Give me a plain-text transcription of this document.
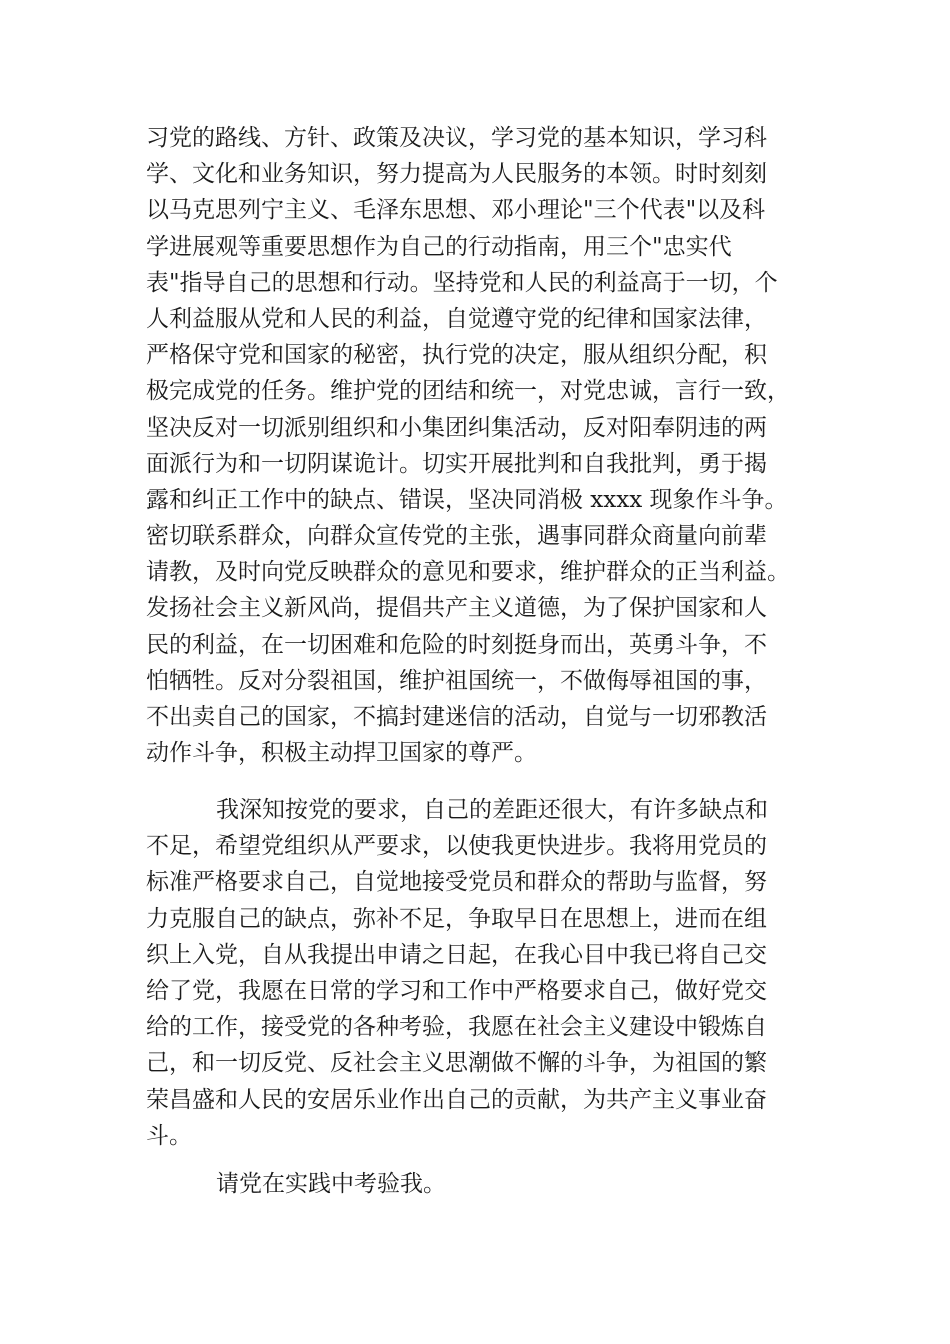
习党的路线、方针、政策及决议，学习党的基本知识，学习科
学、文化和业务知识，努力提高为人民服务的本领。时时刻刻
以马克思列宁主义、毛泽东思想、邓小理论"三个代表"以及科
学进展观等重要思想作为自己的行动指南，用三个"忠实代
表"指导自己的思想和行动。坚持党和人民的利益高于一切，个
人利益服从党和人民的利益，自觉遵守党的纪律和国家法律，
严格保守党和国家的秘密，执行党的决定，服从组织分配，积
极完成党的任务。维护党的团结和统一，对党忠诚，言行一致，
坚决反对一切派别组织和小集团纠集活动，反对阳奉阴违的两
面派行为和一切阴谋诡计。切实开展批判和自我批判，勇于揭
露和纠正工作中的缺点、错误，坚决同消极 xxxx 现象作斗争。
密切联系群众，向群众宣传党的主张，遇事同群众商量向前辈
请教，及时向党反映群众的意见和要求，维护群众的正当利益。
发扬社会主义新风尚，提倡共产主义道德，为了保护国家和人
民的利益，在一切困难和危险的时刻挺身而出，英勇斗争，不
怕牺牲。反对分裂祖国，维护祖国统一，不做侮辱祖国的事，
不出卖自己的国家，不搞封建迷信的活动，自觉与一切邪教活
动作斗争，积极主动捍卫国家的尊严。
我深知按党的要求，自己的差距还很大，有许多缺点和
不足，希望党组织从严要求，以使我更快进步。我将用党员的
标准严格要求自己，自觉地接受党员和群众的帮助与监督，努
力克服自己的缺点，弥补不足，争取早日在思想上，进而在组
织上入党，自从我提出申请之日起，在我心目中我已将自己交
给了党，我愿在日常的学习和工作中严格要求自己，做好党交
给的工作，接受党的各种考验，我愿在社会主义建设中锻炼自
己，和一切反党、反社会主义思潮做不懈的斗争，为祖国的繁
荣昌盛和人民的安居乐业作出自己的贡献，为共产主义事业奋
斗。
请党在实践中考验我。
